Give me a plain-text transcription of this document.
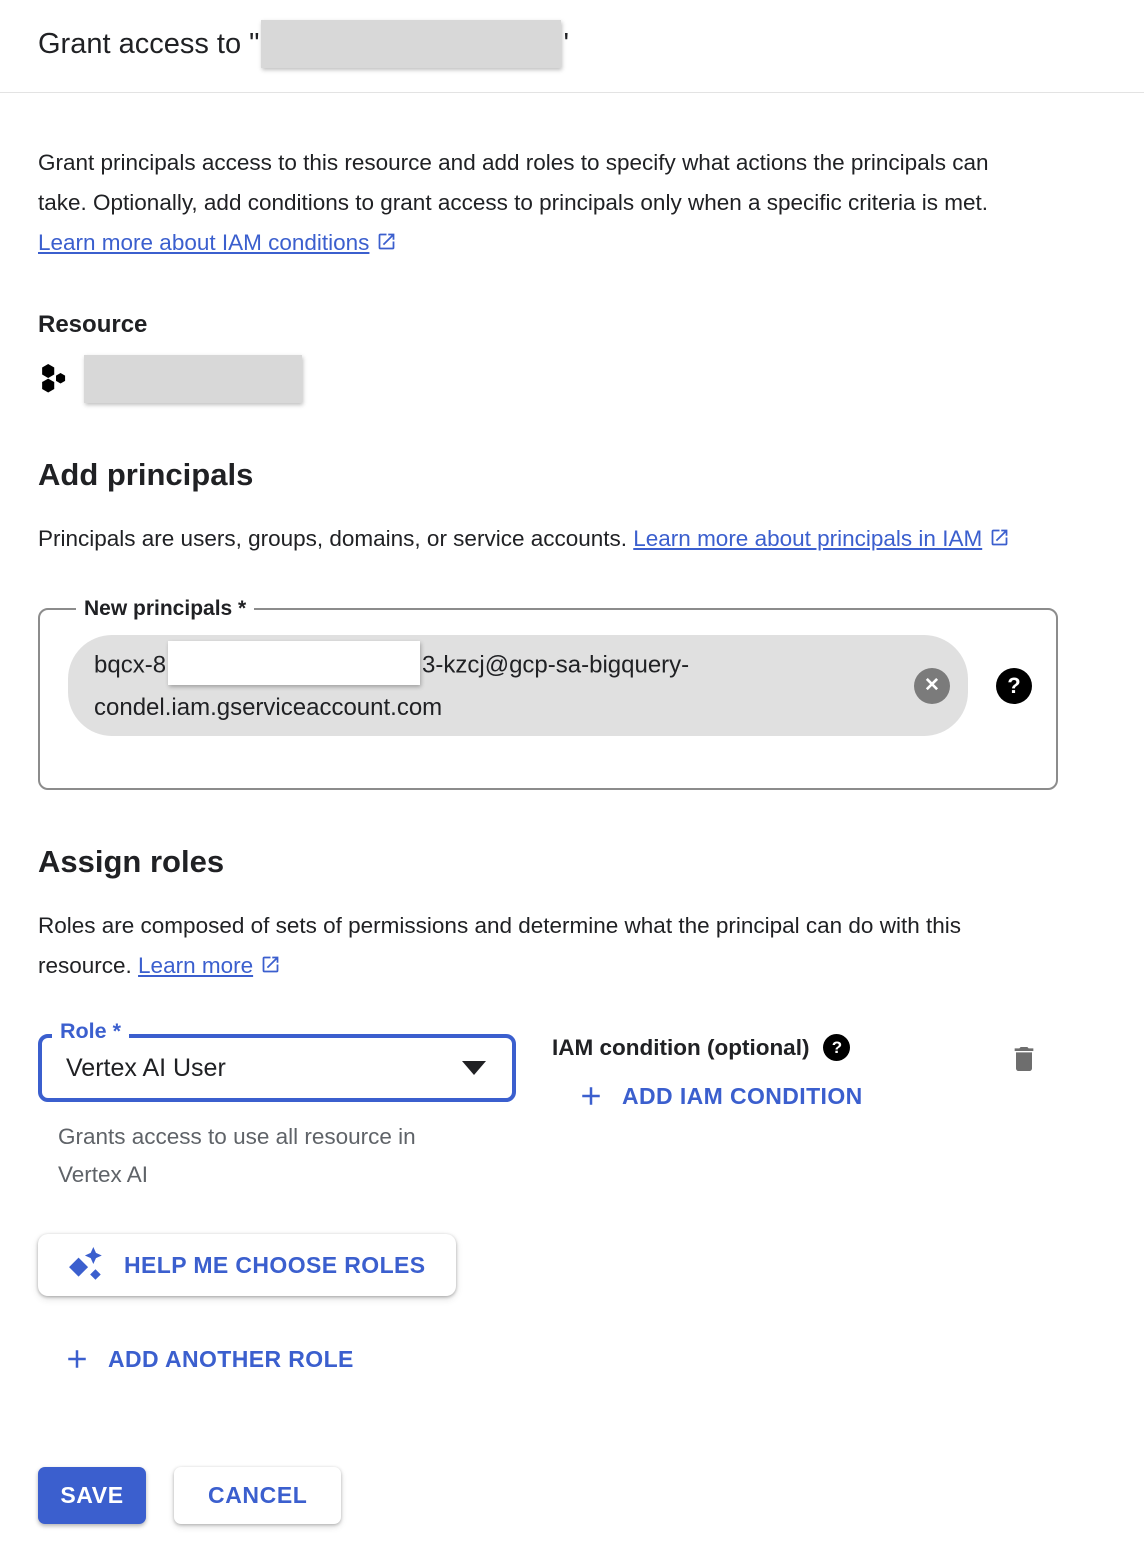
Grant access to "	'

Grant principals access to this resource and add roles to specify what actions the principals can take. Optionally, add conditions to grant access to principals only when a specific criteria is met. Learn more about IAM conditions

Resource
Add principals

Principals are users, groups, domains, or service accounts. Learn more about principals in IAM

New principals *
bqcx-8	3-kzcj@gcp-sa-bigquery-
condel.iam.gserviceaccount.com
✕	?
Assign roles

Roles are composed of sets of permissions and determine what the principal can do with this resource. Learn more

Role *
Vertex AI User

Grants access to use all resource in Vertex AI

IAM condition (optional)	?
ADD IAM CONDITION
HELP ME CHOOSE ROLES
ADD ANOTHER ROLE
SAVE	CANCEL
